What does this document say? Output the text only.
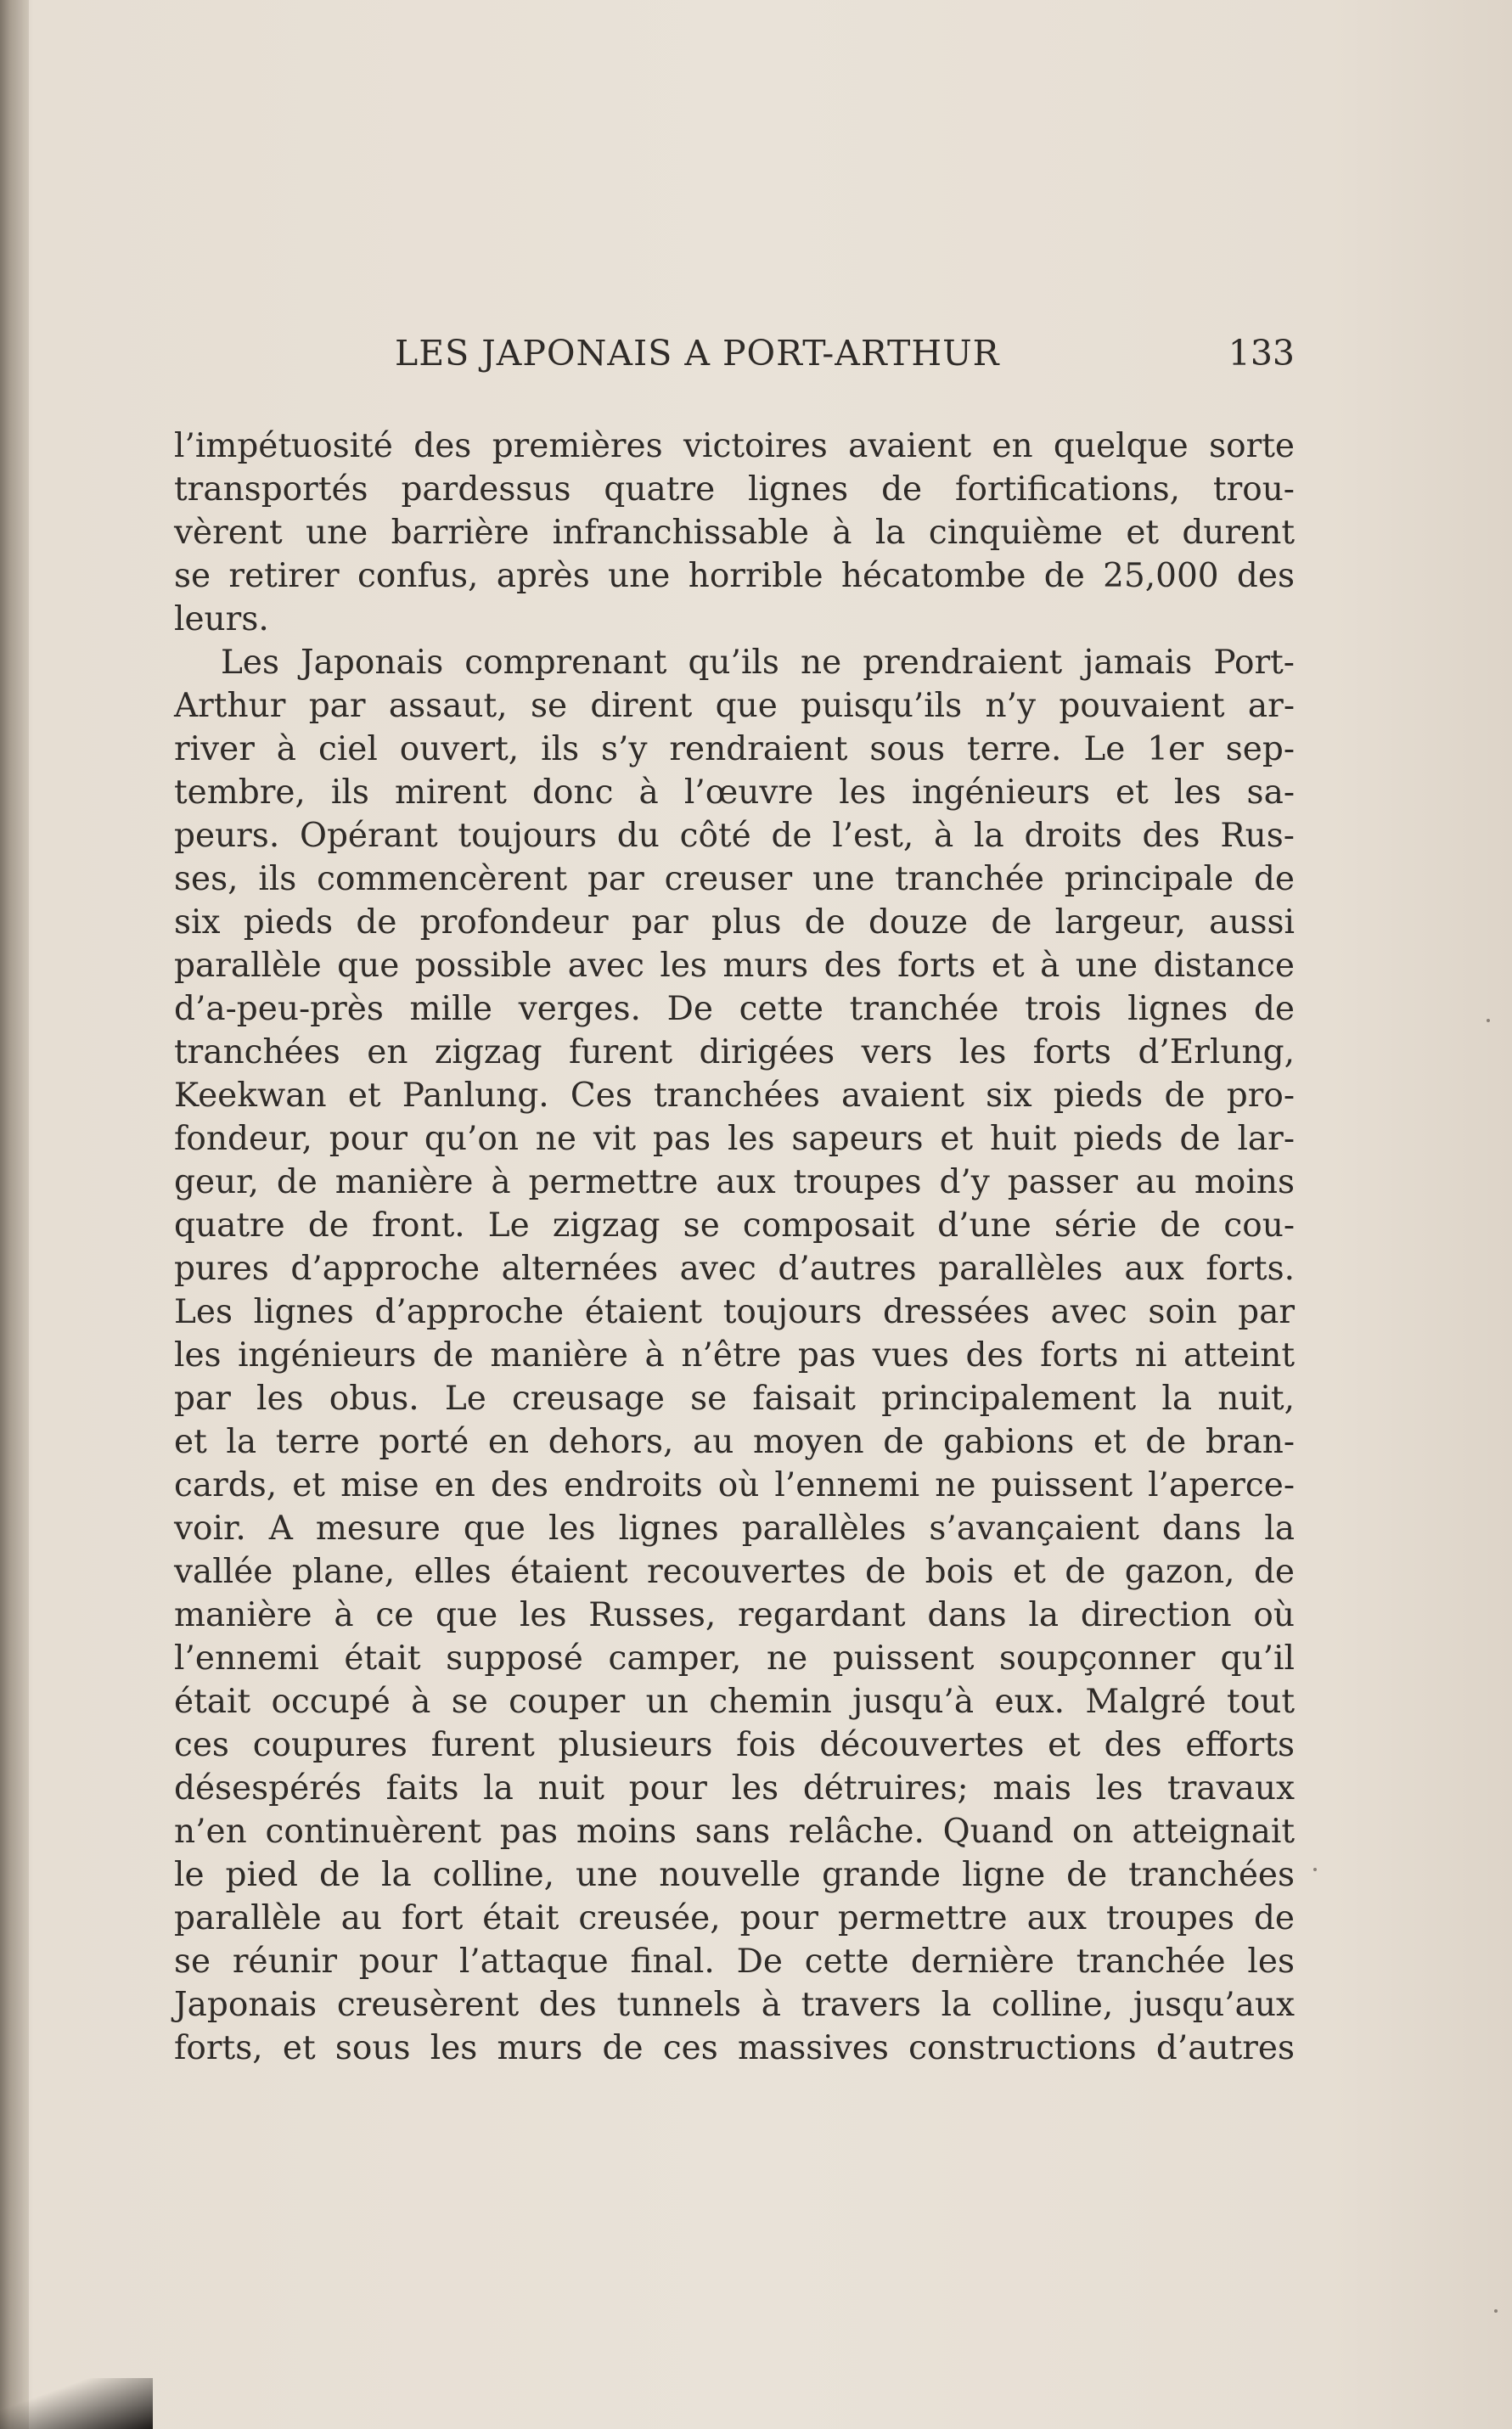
LES JAPONAIS A PORT-ARTHUR	133
l’impétuosité des premières victoires avaient en quelque sorte
transportés pardessus quatre lignes de fortifications, trou-
vèrent une barrière infranchissable à la cinquième et durent
se retirer confus, après une horrible hécatombe de 25,000 des
leurs.
Les Japonais comprenant qu’ils ne prendraient jamais Port-
Arthur par assaut, se dirent que puisqu’ils n’y pouvaient ar-
river à ciel ouvert, ils s’y rendraient sous terre. Le 1er sep-
tembre, ils mirent donc à l’œuvre les ingénieurs et les sa-
peurs. Opérant toujours du côté de l’est, à la droits des Rus-
ses, ils commencèrent par creuser une tranchée principale de
six pieds de profondeur par plus de douze de largeur, aussi
parallèle que possible avec les murs des forts et à une distance
d’a-peu-près mille verges. De cette tranchée trois lignes de
tranchées en zigzag furent dirigées vers les forts d’Erlung,
Keekwan et Panlung. Ces tranchées avaient six pieds de pro-
fondeur, pour qu’on ne vit pas les sapeurs et huit pieds de lar-
geur, de manière à permettre aux troupes d’y passer au moins
quatre de front. Le zigzag se composait d’une série de cou-
pures d’approche alternées avec d’autres parallèles aux forts.
Les lignes d’approche étaient toujours dressées avec soin par
les ingénieurs de manière à n’être pas vues des forts ni atteint
par les obus. Le creusage se faisait principalement la nuit,
et la terre porté en dehors, au moyen de gabions et de bran-
cards, et mise en des endroits où l’ennemi ne puissent l’aperce-
voir. A mesure que les lignes parallèles s’avançaient dans la
vallée plane, elles étaient recouvertes de bois et de gazon, de
manière à ce que les Russes, regardant dans la direction où
l’ennemi était supposé camper, ne puissent soupçonner qu’il
était occupé à se couper un chemin jusqu’à eux. Malgré tout
ces coupures furent plusieurs fois découvertes et des efforts
désespérés faits la nuit pour les détruires; mais les travaux
n’en continuèrent pas moins sans relâche. Quand on atteignait
le pied de la colline, une nouvelle grande ligne de tranchées
parallèle au fort était creusée, pour permettre aux troupes de
se réunir pour l’attaque final. De cette dernière tranchée les
Japonais creusèrent des tunnels à travers la colline, jusqu’aux
forts, et sous les murs de ces massives constructions d’autres
